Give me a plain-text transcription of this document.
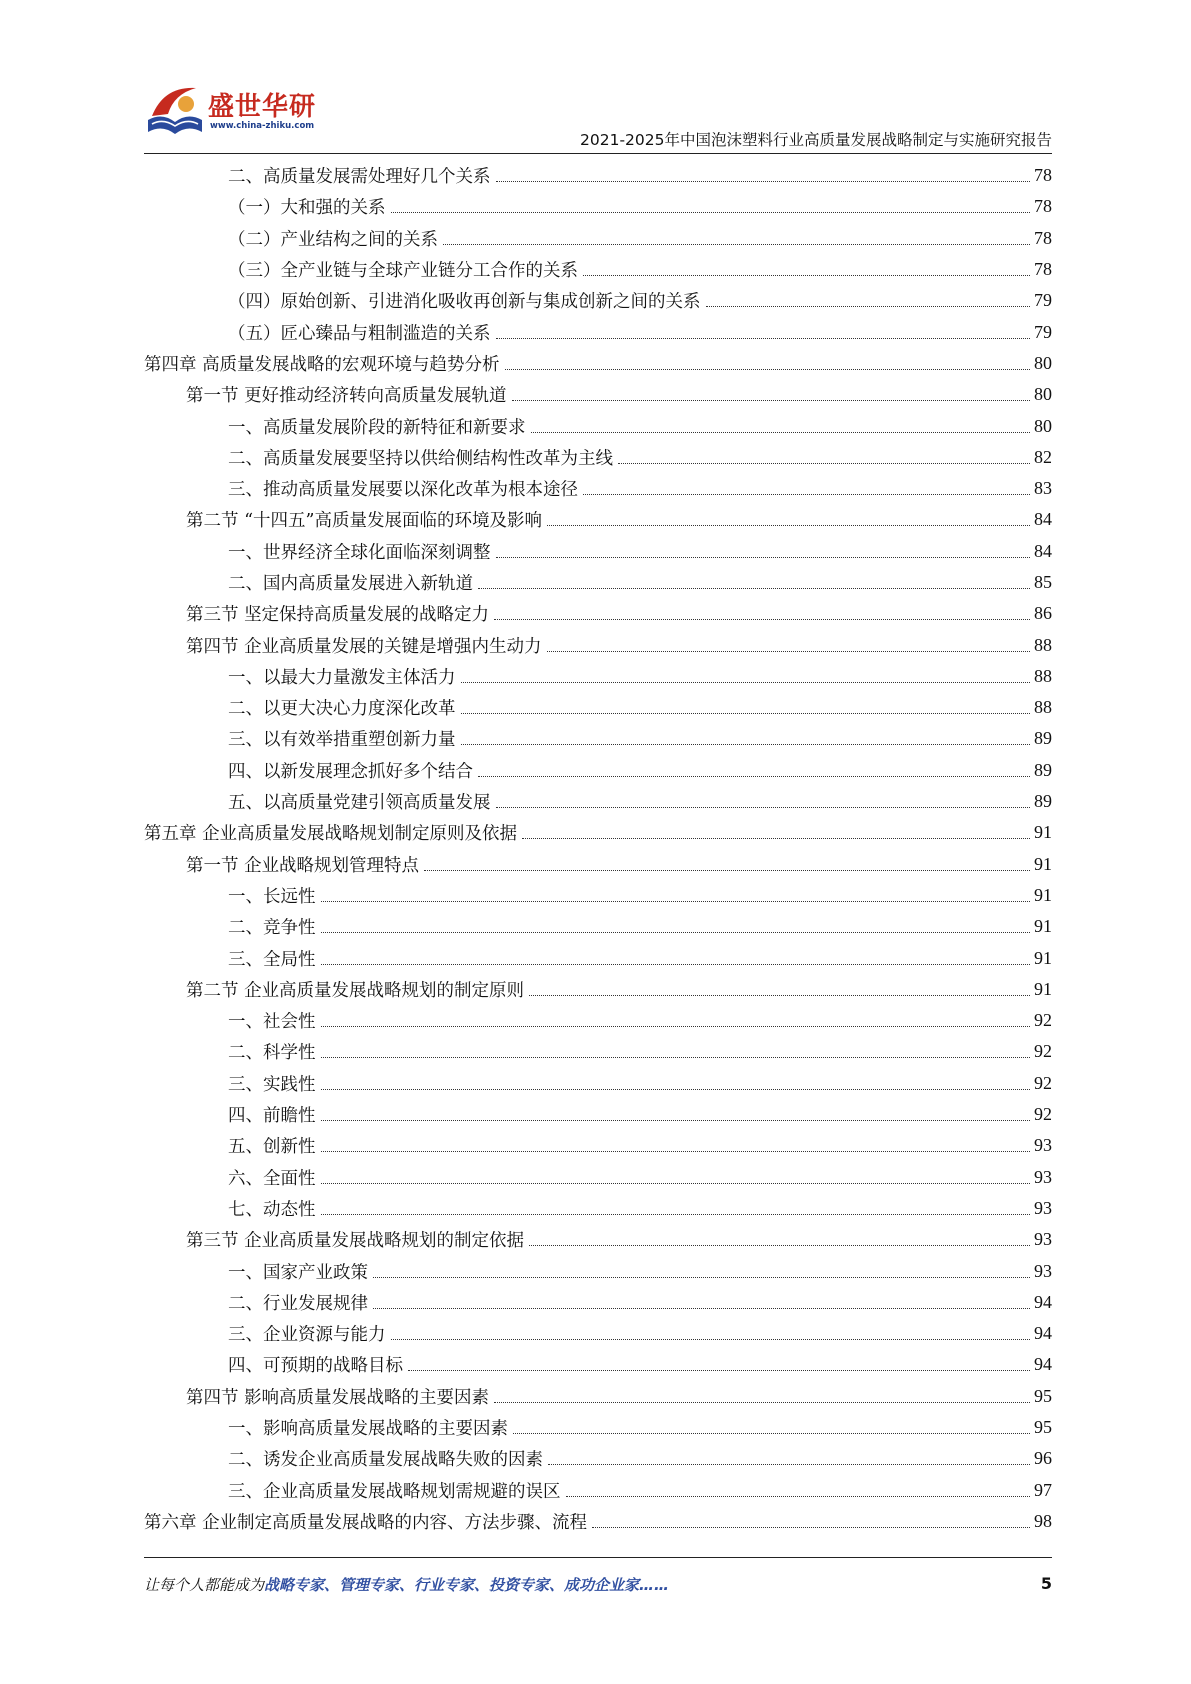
盛世华研
www.china-zhiku.com
2021-2025年中国泡沫塑料行业高质量发展战略制定与实施研究报告
二、高质量发展需处理好几个关系	78
（一）大和强的关系	78
（二）产业结构之间的关系	78
（三）全产业链与全球产业链分工合作的关系	78
（四）原始创新、引进消化吸收再创新与集成创新之间的关系	79
（五）匠心臻品与粗制滥造的关系	79
第四章 高质量发展战略的宏观环境与趋势分析	80
第一节 更好推动经济转向高质量发展轨道	80
一、高质量发展阶段的新特征和新要求	80
二、高质量发展要坚持以供给侧结构性改革为主线	82
三、推动高质量发展要以深化改革为根本途径	83
第二节 “十四五”高质量发展面临的环境及影响	84
一、世界经济全球化面临深刻调整	84
二、国内高质量发展进入新轨道	85
第三节 坚定保持高质量发展的战略定力	86
第四节 企业高质量发展的关键是增强内生动力	88
一、以最大力量激发主体活力	88
二、以更大决心力度深化改革	88
三、以有效举措重塑创新力量	89
四、以新发展理念抓好多个结合	89
五、以高质量党建引领高质量发展	89
第五章 企业高质量发展战略规划制定原则及依据	91
第一节 企业战略规划管理特点	91
一、长远性	91
二、竞争性	91
三、全局性	91
第二节 企业高质量发展战略规划的制定原则	91
一、社会性	92
二、科学性	92
三、实践性	92
四、前瞻性	92
五、创新性	93
六、全面性	93
七、动态性	93
第三节 企业高质量发展战略规划的制定依据	93
一、国家产业政策	93
二、行业发展规律	94
三、企业资源与能力	94
四、可预期的战略目标	94
第四节 影响高质量发展战略的主要因素	95
一、影响高质量发展战略的主要因素	95
二、诱发企业高质量发展战略失败的因素	96
三、企业高质量发展战略规划需规避的误区	97
第六章 企业制定高质量发展战略的内容、方法步骤、流程	98
让每个人都能成为战略专家、管理专家、行业专家、投资专家、成功企业家……	5
